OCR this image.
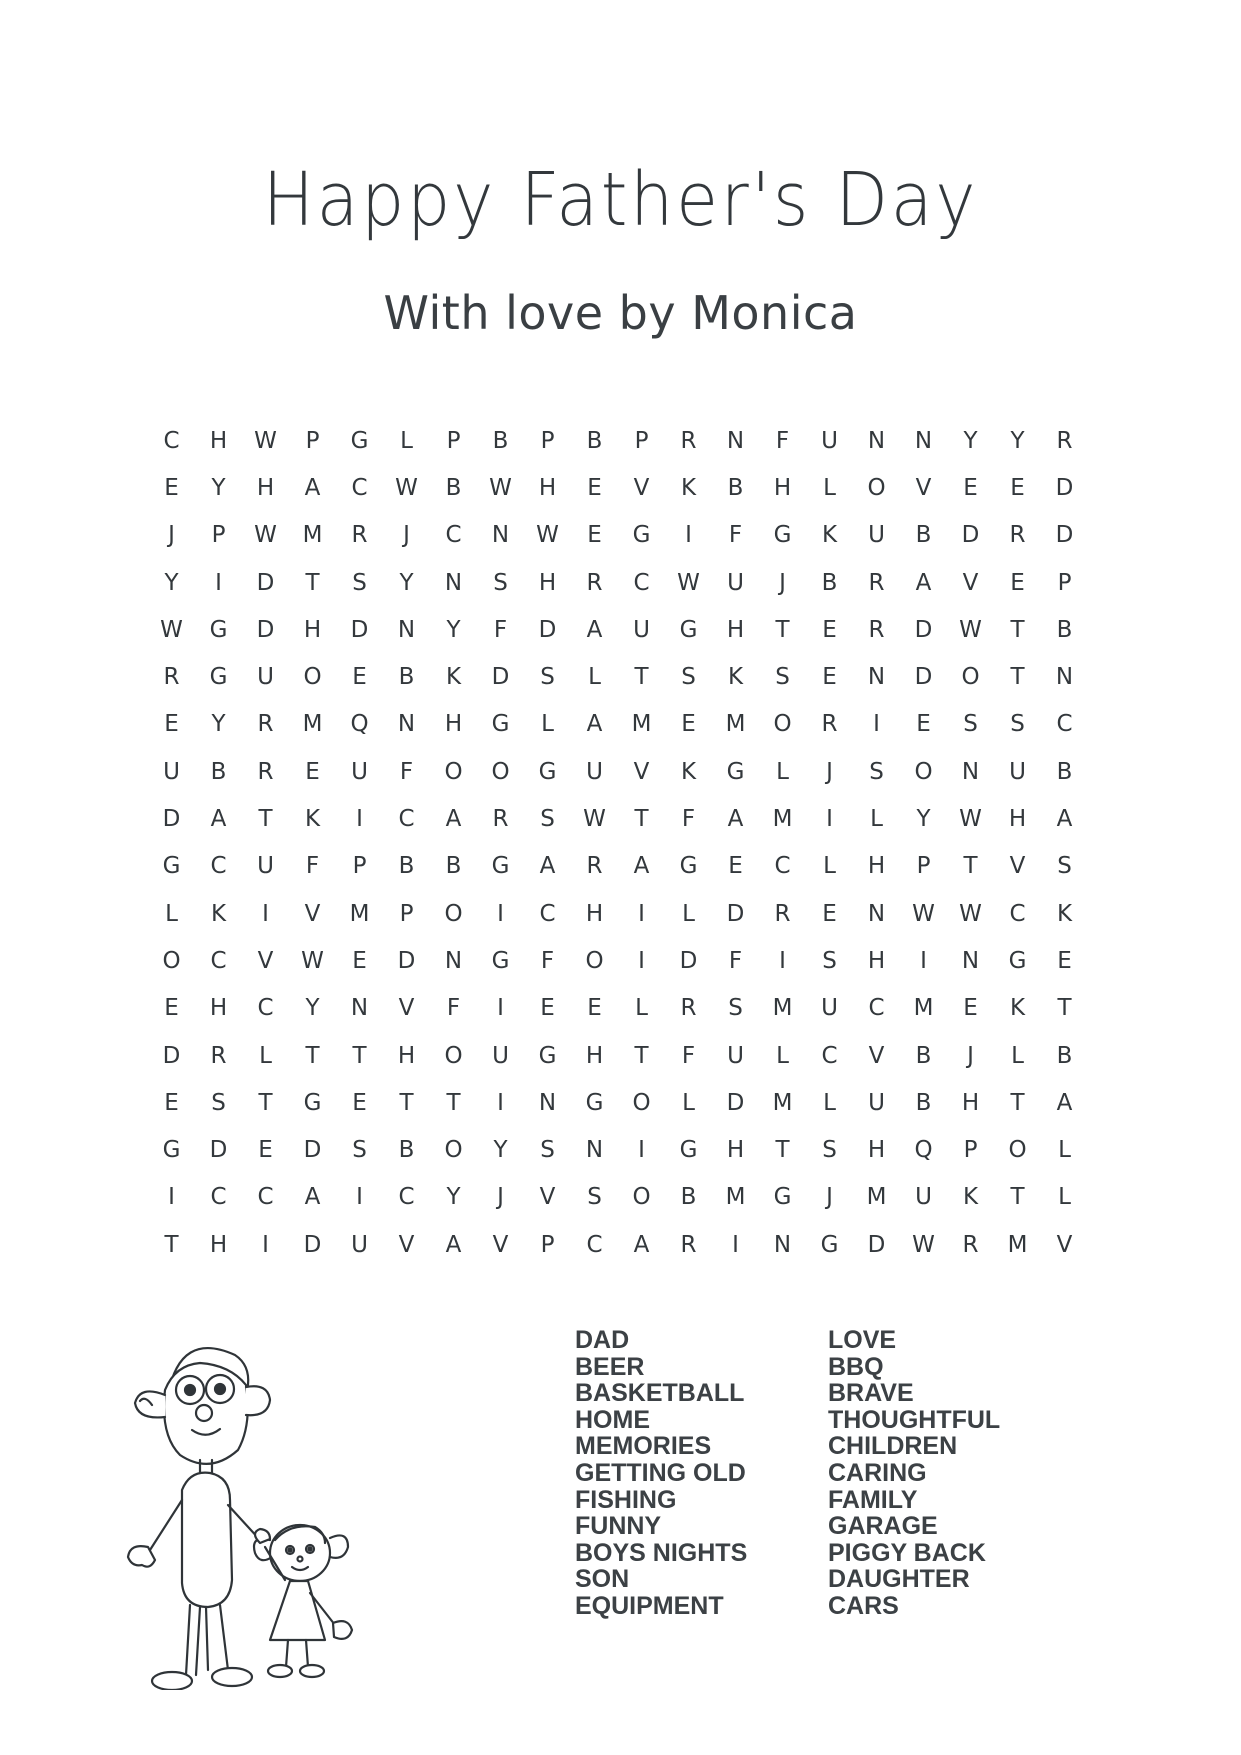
Happy Father's Day
With love by Monica
C	H	W	P	G	L	P	B	P	B	P	R	N	F	U	N	N	Y	Y	R
E	Y	H	A	C	W	B	W	H	E	V	K	B	H	L	O	V	E	E	D
J	P	W	M	R	J	C	N	W	E	G	I	F	G	K	U	B	D	R	D
Y	I	D	T	S	Y	N	S	H	R	C	W	U	J	B	R	A	V	E	P
W	G	D	H	D	N	Y	F	D	A	U	G	H	T	E	R	D	W	T	B
R	G	U	O	E	B	K	D	S	L	T	S	K	S	E	N	D	O	T	N
E	Y	R	M	Q	N	H	G	L	A	M	E	M	O	R	I	E	S	S	C
U	B	R	E	U	F	O	O	G	U	V	K	G	L	J	S	O	N	U	B
D	A	T	K	I	C	A	R	S	W	T	F	A	M	I	L	Y	W	H	A
G	C	U	F	P	B	B	G	A	R	A	G	E	C	L	H	P	T	V	S
L	K	I	V	M	P	O	I	C	H	I	L	D	R	E	N	W	W	C	K
O	C	V	W	E	D	N	G	F	O	I	D	F	I	S	H	I	N	G	E
E	H	C	Y	N	V	F	I	E	E	L	R	S	M	U	C	M	E	K	T
D	R	L	T	T	H	O	U	G	H	T	F	U	L	C	V	B	J	L	B
E	S	T	G	E	T	T	I	N	G	O	L	D	M	L	U	B	H	T	A
G	D	E	D	S	B	O	Y	S	N	I	G	H	T	S	H	Q	P	O	L
I	C	C	A	I	C	Y	J	V	S	O	B	M	G	J	M	U	K	T	L
T	H	I	D	U	V	A	V	P	C	A	R	I	N	G	D	W	R	M	V
DAD
BEER
BASKETBALL
HOME
MEMORIES
GETTING OLD
FISHING
FUNNY
BOYS NIGHTS
SON
EQUIPMENT
LOVE
BBQ
BRAVE
THOUGHTFUL
CHILDREN
CARING
FAMILY
GARAGE
PIGGY BACK
DAUGHTER
CARS
